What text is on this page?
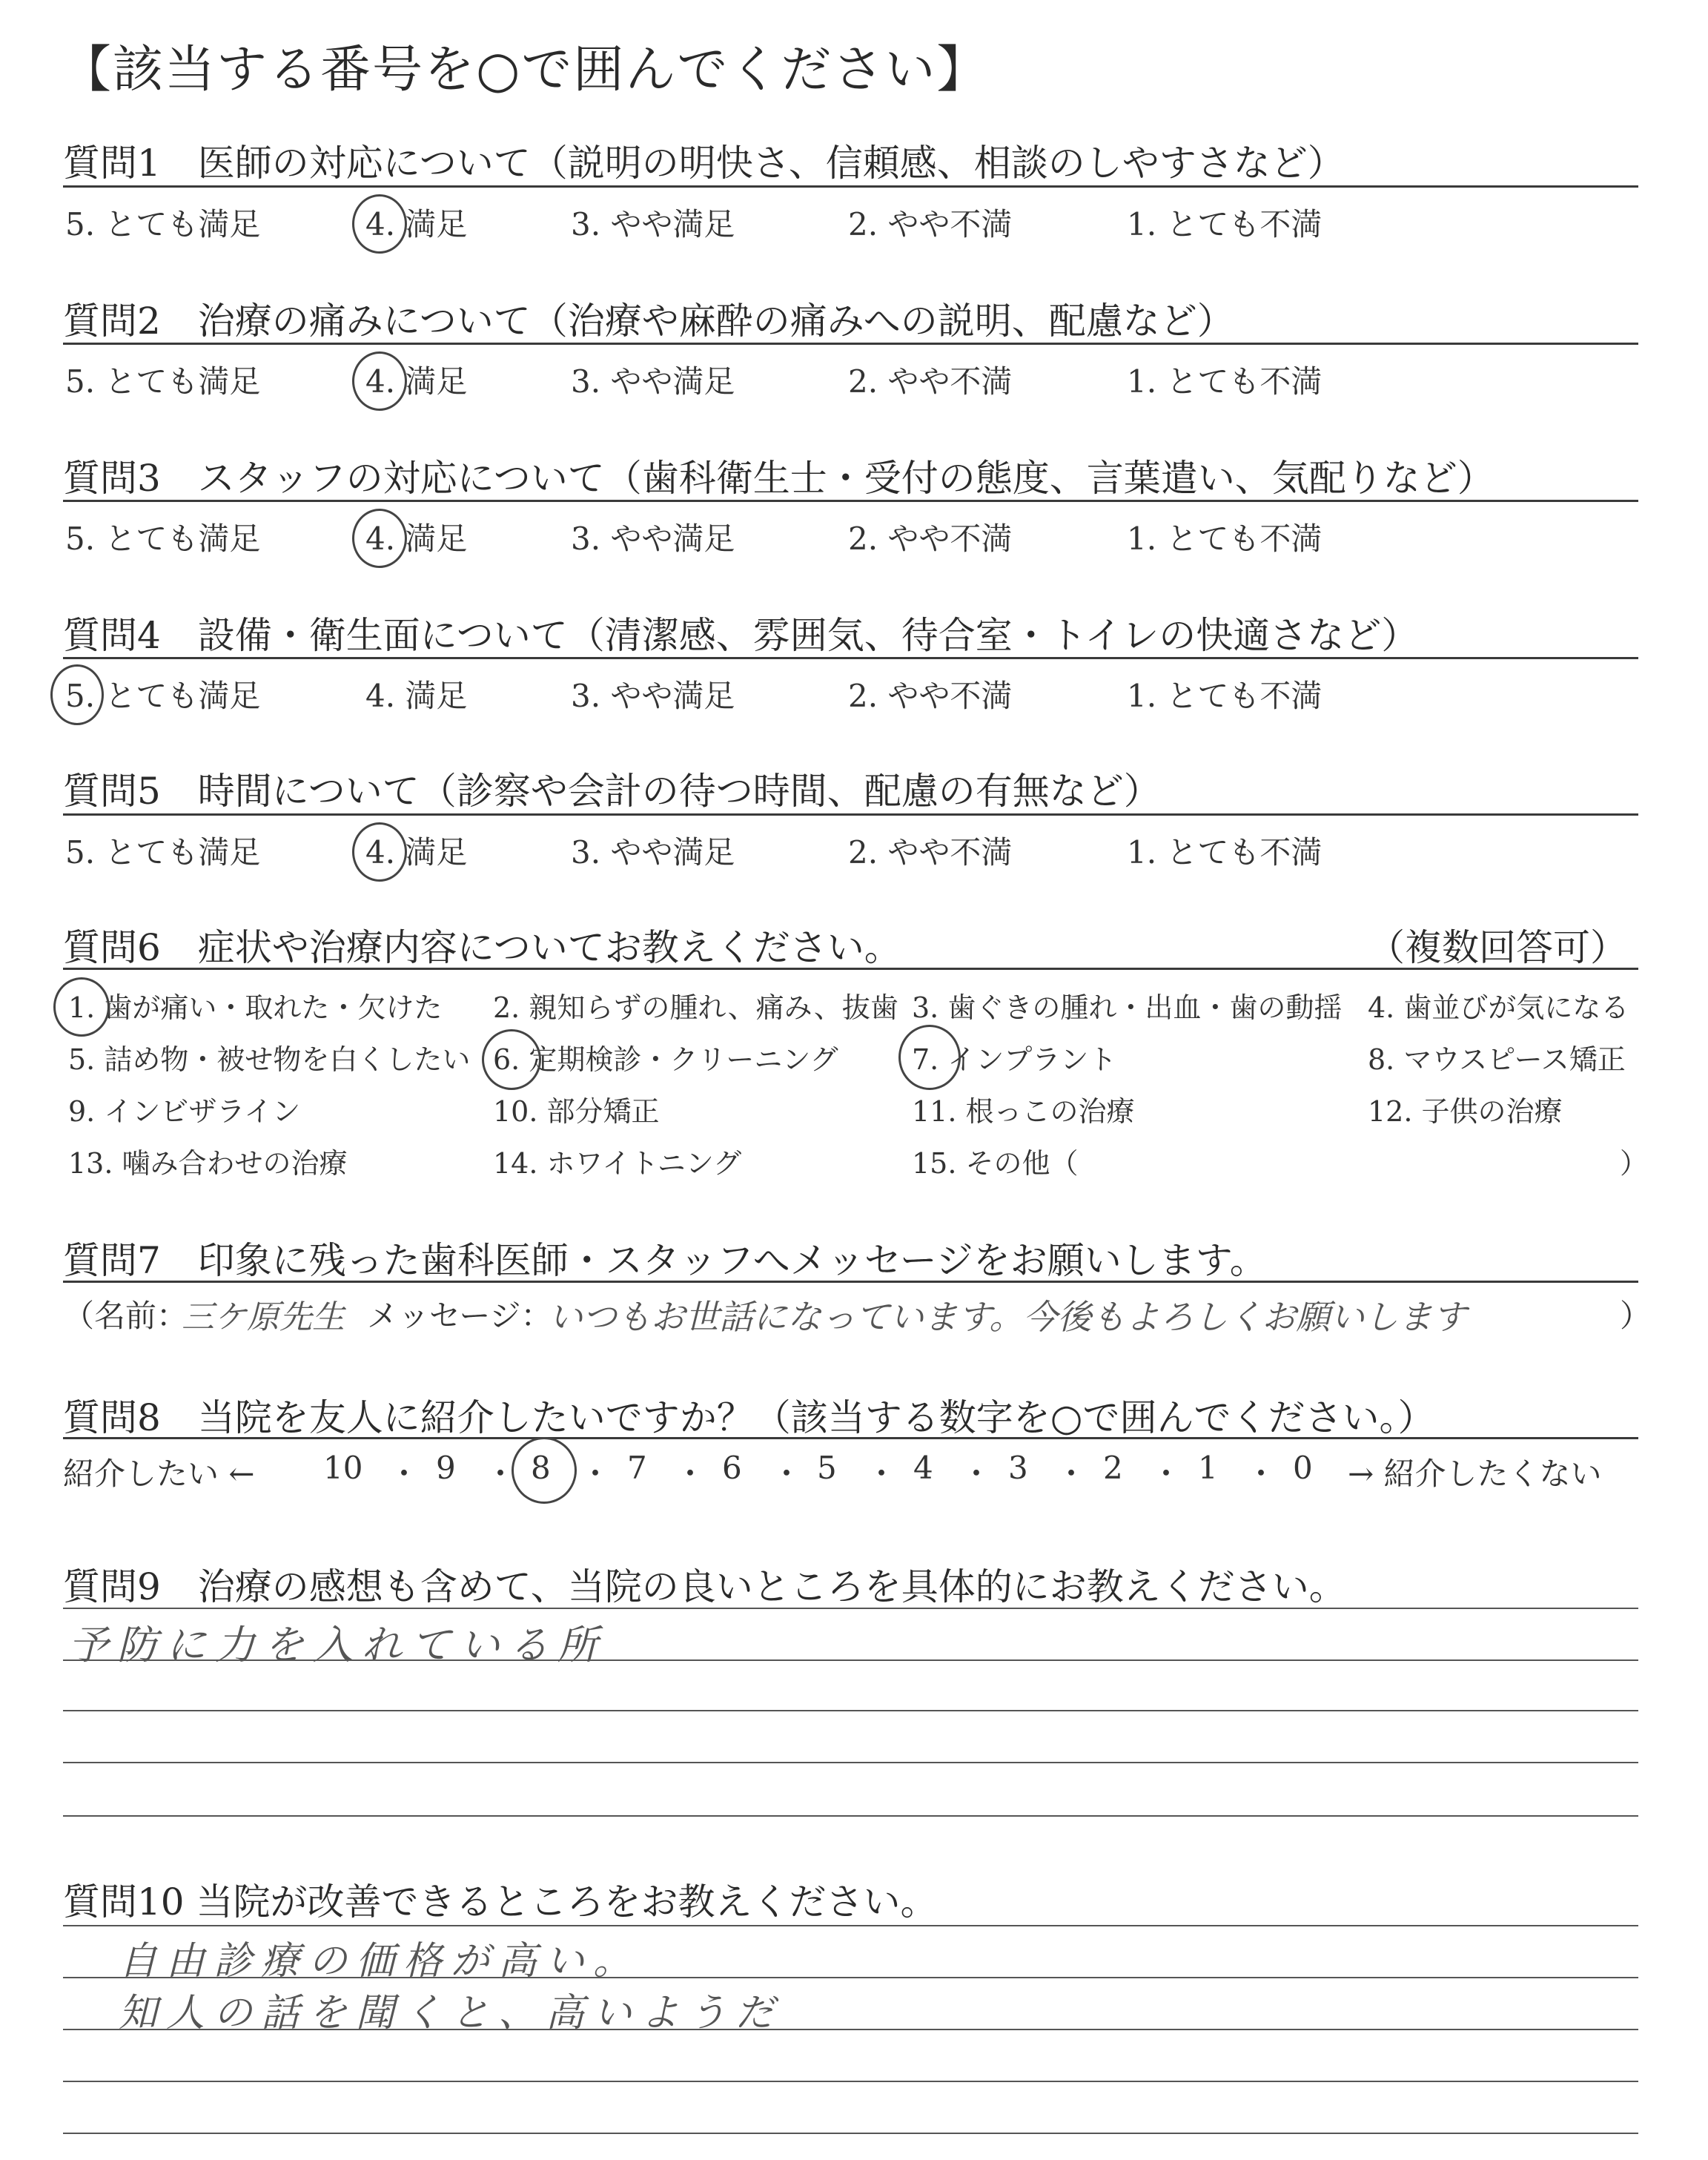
【該当する番号を○で囲んでください】
質問1　医師の対応について（説明の明快さ、信頼感、相談のしやすさなど）
5. とても満足	4. 満足	3. やや満足	2. やや不満	1. とても不満
質問2　治療の痛みについて（治療や麻酔の痛みへの説明、配慮など）
5. とても満足	4. 満足	3. やや満足	2. やや不満	1. とても不満
質問3　スタッフの対応について（歯科衛生士・受付の態度、言葉遣い、気配りなど）
5. とても満足	4. 満足	3. やや満足	2. やや不満	1. とても不満
質問4　設備・衛生面について（清潔感、雰囲気、待合室・トイレの快適さなど）
5. とても満足	4. 満足	3. やや満足	2. やや不満	1. とても不満
質問5　時間について（診察や会計の待つ時間、配慮の有無など）
5. とても満足	4. 満足	3. やや満足	2. やや不満	1. とても不満
質問6　症状や治療内容についてお教えください。	（複数回答可）
1. 歯が痛い・取れた・欠けた 2. 親知らずの腫れ、痛み、抜歯 3. 歯ぐきの腫れ・出血・歯の動揺 4. 歯並びが気になる
5. 詰め物・被せ物を白くしたい 6. 定期検診・クリーニング	7. インプラント	8. マウスピース矯正
9. インビザライン	10. 部分矯正	11. 根っこの治療	12. 子供の治療
13. 噛み合わせの治療	14. ホワイトニング	15. その他（	）
質問7　印象に残った歯科医師・スタッフへメッセージをお願いします。
（名前：
三ケ原先生 メッセージ：
いつもお世話になっています。今後もよろしくお願いします	）
質問8　当院を友人に紹介したいですか？（該当する数字を○で囲んでください。）
紹介したい ← 10 ・ 9 ・ 8 ・ 7 ・ 6 ・ 5 ・ 4 ・ 3 ・ 2 ・ 1 ・ 0 → 紹介したくない
質問9　治療の感想も含めて、当院の良いところを具体的にお教えください。
予防に力を入れている所
質問10 当院が改善できるところをお教えください。
自由診療の価格が高い。
知人の話を聞くと、高いようだ
